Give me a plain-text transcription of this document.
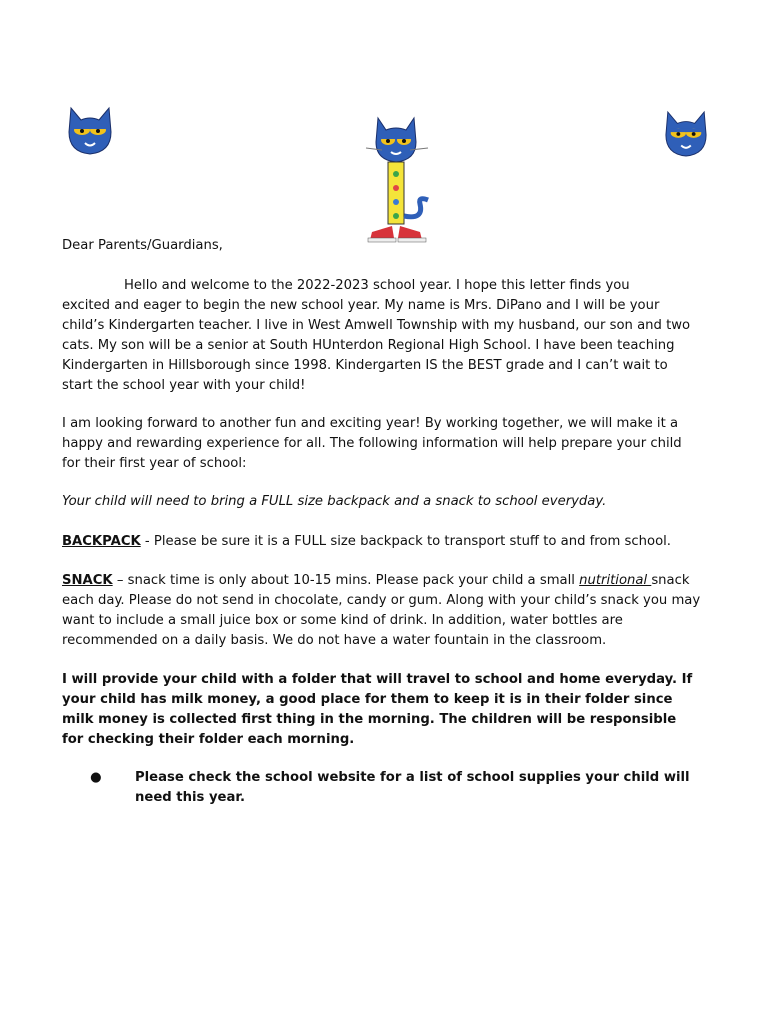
Dear Parents/Guardians,

Hello and welcome to the 2022-2023 school year. I hope this letter finds you

excited and eager to begin the new school year. My name is Mrs. DiPano and I will be your child’s Kindergarten teacher. I live in West Amwell Township with my husband, our son and two cats. My son will be a senior at South HUnterdon Regional High School. I have been teaching Kindergarten in Hillsborough since 1998. Kindergarten IS the BEST grade and I can’t wait to start the school year with your child!

I am looking forward to another fun and exciting year! By working together, we will make it a happy and rewarding experience for all. The following information will help prepare your child for their first year of school:

Your child will need to bring a FULL size backpack and a snack to school everyday.

BACKPACK - Please be sure it is a FULL size backpack to transport stuff to and from school.

SNACK – snack time is only about 10-15 mins. Please pack your child a small nutritional snack each day. Please do not send in chocolate, candy or gum. Along with your child’s snack you may want to include a small juice box or some kind of drink. In addition, water bottles are recommended on a daily basis. We do not have a water fountain in the classroom.

I will provide your child with a folder that will travel to school and home everyday. If your child has milk money, a good place for them to keep it is in their folder since milk money is collected first thing in the morning. The children will be responsible for checking their folder each morning.

●	Please check the school website for a list of school supplies your child will need this year.
